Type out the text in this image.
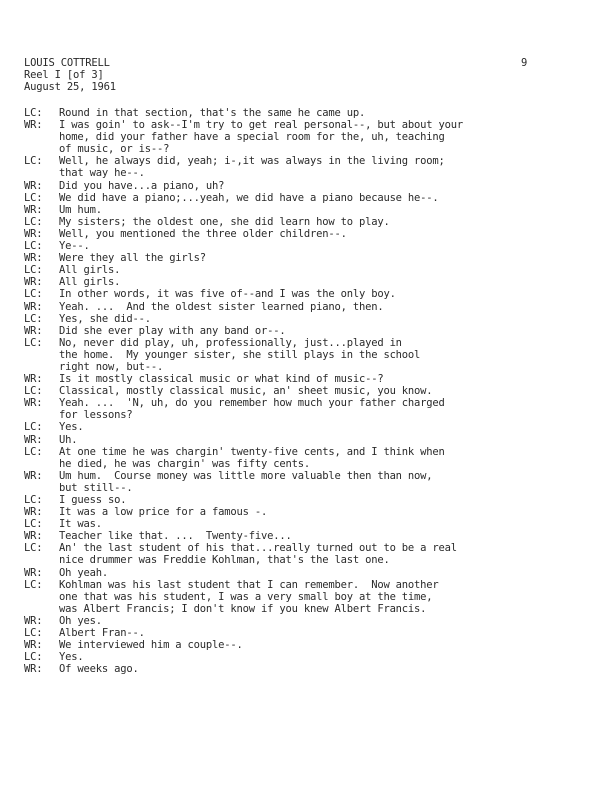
LOUIS COTTRELL
Reel I [of 3]
August 25, 1961
9
LC:	Round in that section, that's the same he came up.
WR:	I was goin' to ask--I'm try to get real personal--, but about your
home, did your father have a special room for the, uh, teaching
of music, or is--?
LC:	Well, he always did, yeah; i-,it was always in the living room;
that way he--.
WR:	Did you have...a piano, uh?
LC:	We did have a piano;...yeah, we did have a piano because he--.
WR:	Um hum.
LC:	My sisters; the oldest one, she did learn how to play.
WR:	Well, you mentioned the three older children--.
LC:	Ye--.
WR:	Were they all the girls?
LC:	All girls.
WR:	All girls.
LC:	In other words, it was five of--and I was the only boy.
WR:	Yeah. ...  And the oldest sister learned piano, then.
LC:	Yes, she did--.
WR:	Did she ever play with any band or--.
LC:	No, never did play, uh, professionally, just...played in
the home.  My younger sister, she still plays in the school
right now, but--.
WR:	Is it mostly classical music or what kind of music--?
LC:	Classical, mostly classical music, an' sheet music, you know.
WR:	Yeah. ...  'N, uh, do you remember how much your father charged
for lessons?
LC:	Yes.
WR:	Uh.
LC:	At one time he was chargin' twenty-five cents, and I think when
he died, he was chargin' was fifty cents.
WR:	Um hum.  Course money was little more valuable then than now,
but still--.
LC:	I guess so.
WR:	It was a low price for a famous -.
LC:	It was.
WR:	Teacher like that. ...  Twenty-five...
LC:	An' the last student of his that...really turned out to be a real
nice drummer was Freddie Kohlman, that's the last one.
WR:	Oh yeah.
LC:	Kohlman was his last student that I can remember.  Now another
one that was his student, I was a very small boy at the time,
was Albert Francis; I don't know if you knew Albert Francis.
WR:	Oh yes.
LC:	Albert Fran--.
WR:	We interviewed him a couple--.
LC:	Yes.
WR:	Of weeks ago.
